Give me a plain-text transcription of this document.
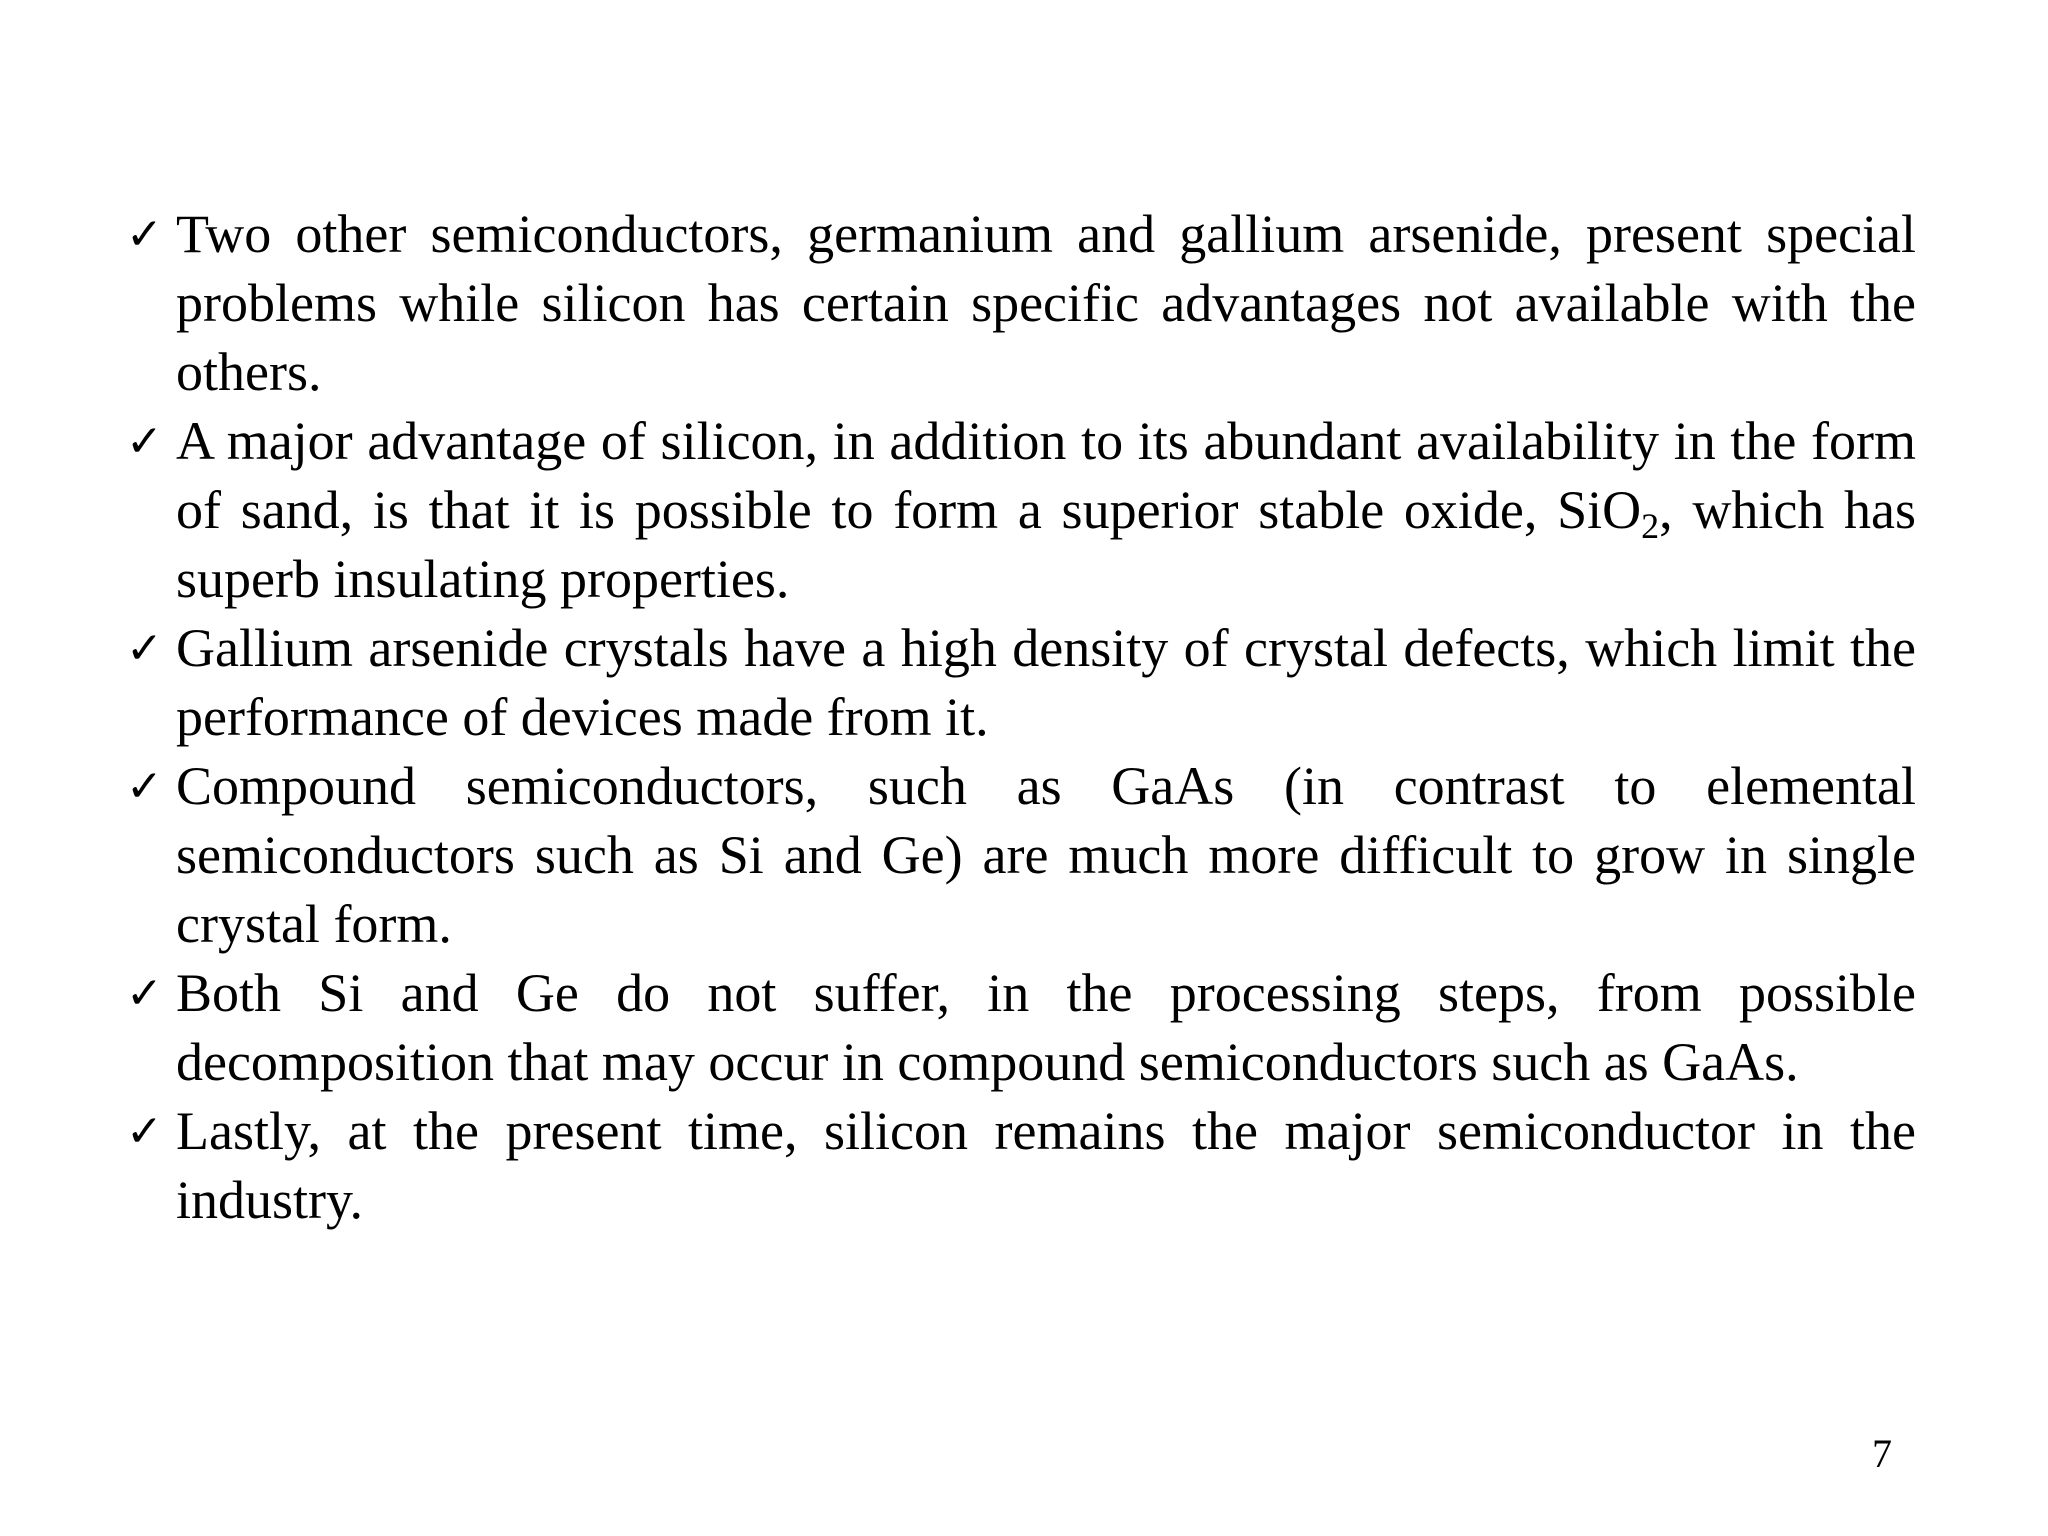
✓ Two other semiconductors, germanium and gallium arsenide, present special problems while silicon has certain specific advantages not available with the others.
✓ A major advantage of silicon, in addition to its abundant availability in the form of sand, is that it is possible to form a superior stable oxide, SiO$_2$, which has superb insulating properties.
✓ Gallium arsenide crystals have a high density of crystal defects, which limit the performance of devices made from it.
✓ Compound semiconductors, such as GaAs (in contrast to elemental semiconductors such as Si and Ge) are much more difficult to grow in single crystal form.
✓ Both Si and Ge do not suffer, in the processing steps, from possible decomposition that may occur in compound semiconductors such as GaAs.
✓ Lastly, at the present time, silicon remains the major semiconductor in the industry.
7
